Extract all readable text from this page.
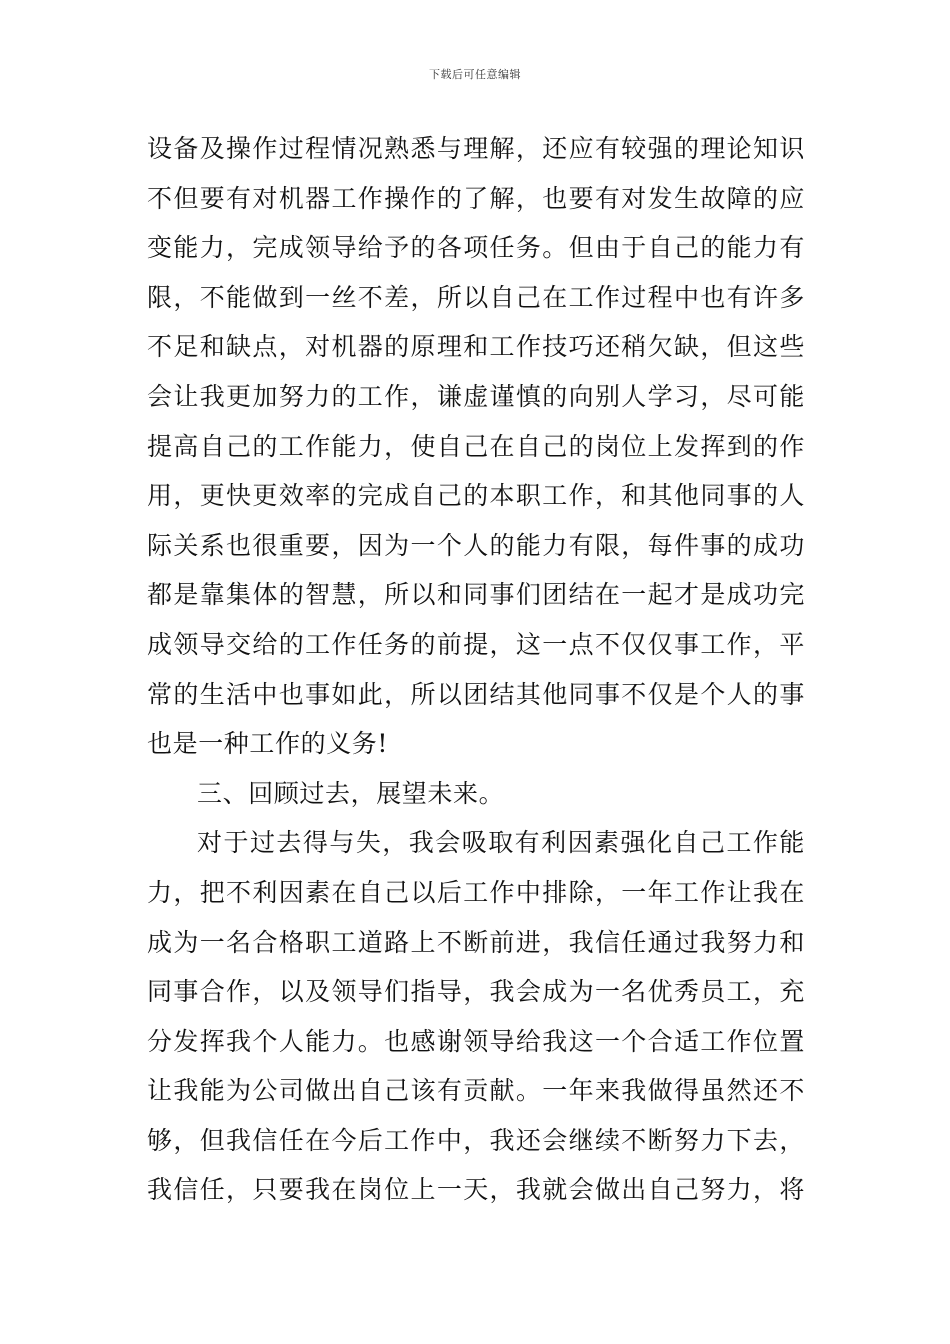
下载后可任意编辑
设备及操作过程情况熟悉与理解，还应有较强的理论知识
不但要有对机器工作操作的了解，也要有对发生故障的应
变能力，完成领导给予的各项任务。但由于自己的能力有
限，不能做到一丝不差，所以自己在工作过程中也有许多
不足和缺点，对机器的原理和工作技巧还稍欠缺，但这些
会让我更加努力的工作，谦虚谨慎的向别人学习，尽可能
提高自己的工作能力，使自己在自己的岗位上发挥到的作
用，更快更效率的完成自己的本职工作，和其他同事的人
际关系也很重要，因为一个人的能力有限，每件事的成功
都是靠集体的智慧，所以和同事们团结在一起才是成功完
成领导交给的工作任务的前提，这一点不仅仅事工作，平
常的生活中也事如此，所以团结其他同事不仅是个人的事
也是一种工作的义务!
三、回顾过去，展望未来。
对于过去得与失，我会吸取有利因素强化自己工作能
力，把不利因素在自己以后工作中排除，一年工作让我在
成为一名合格职工道路上不断前进，我信任通过我努力和
同事合作，以及领导们指导，我会成为一名优秀员工，充
分发挥我个人能力。也感谢领导给我这一个合适工作位置
让我能为公司做出自己该有贡献。一年来我做得虽然还不
够，但我信任在今后工作中，我还会继续不断努力下去，
我信任，只要我在岗位上一天，我就会做出自己努力，将
